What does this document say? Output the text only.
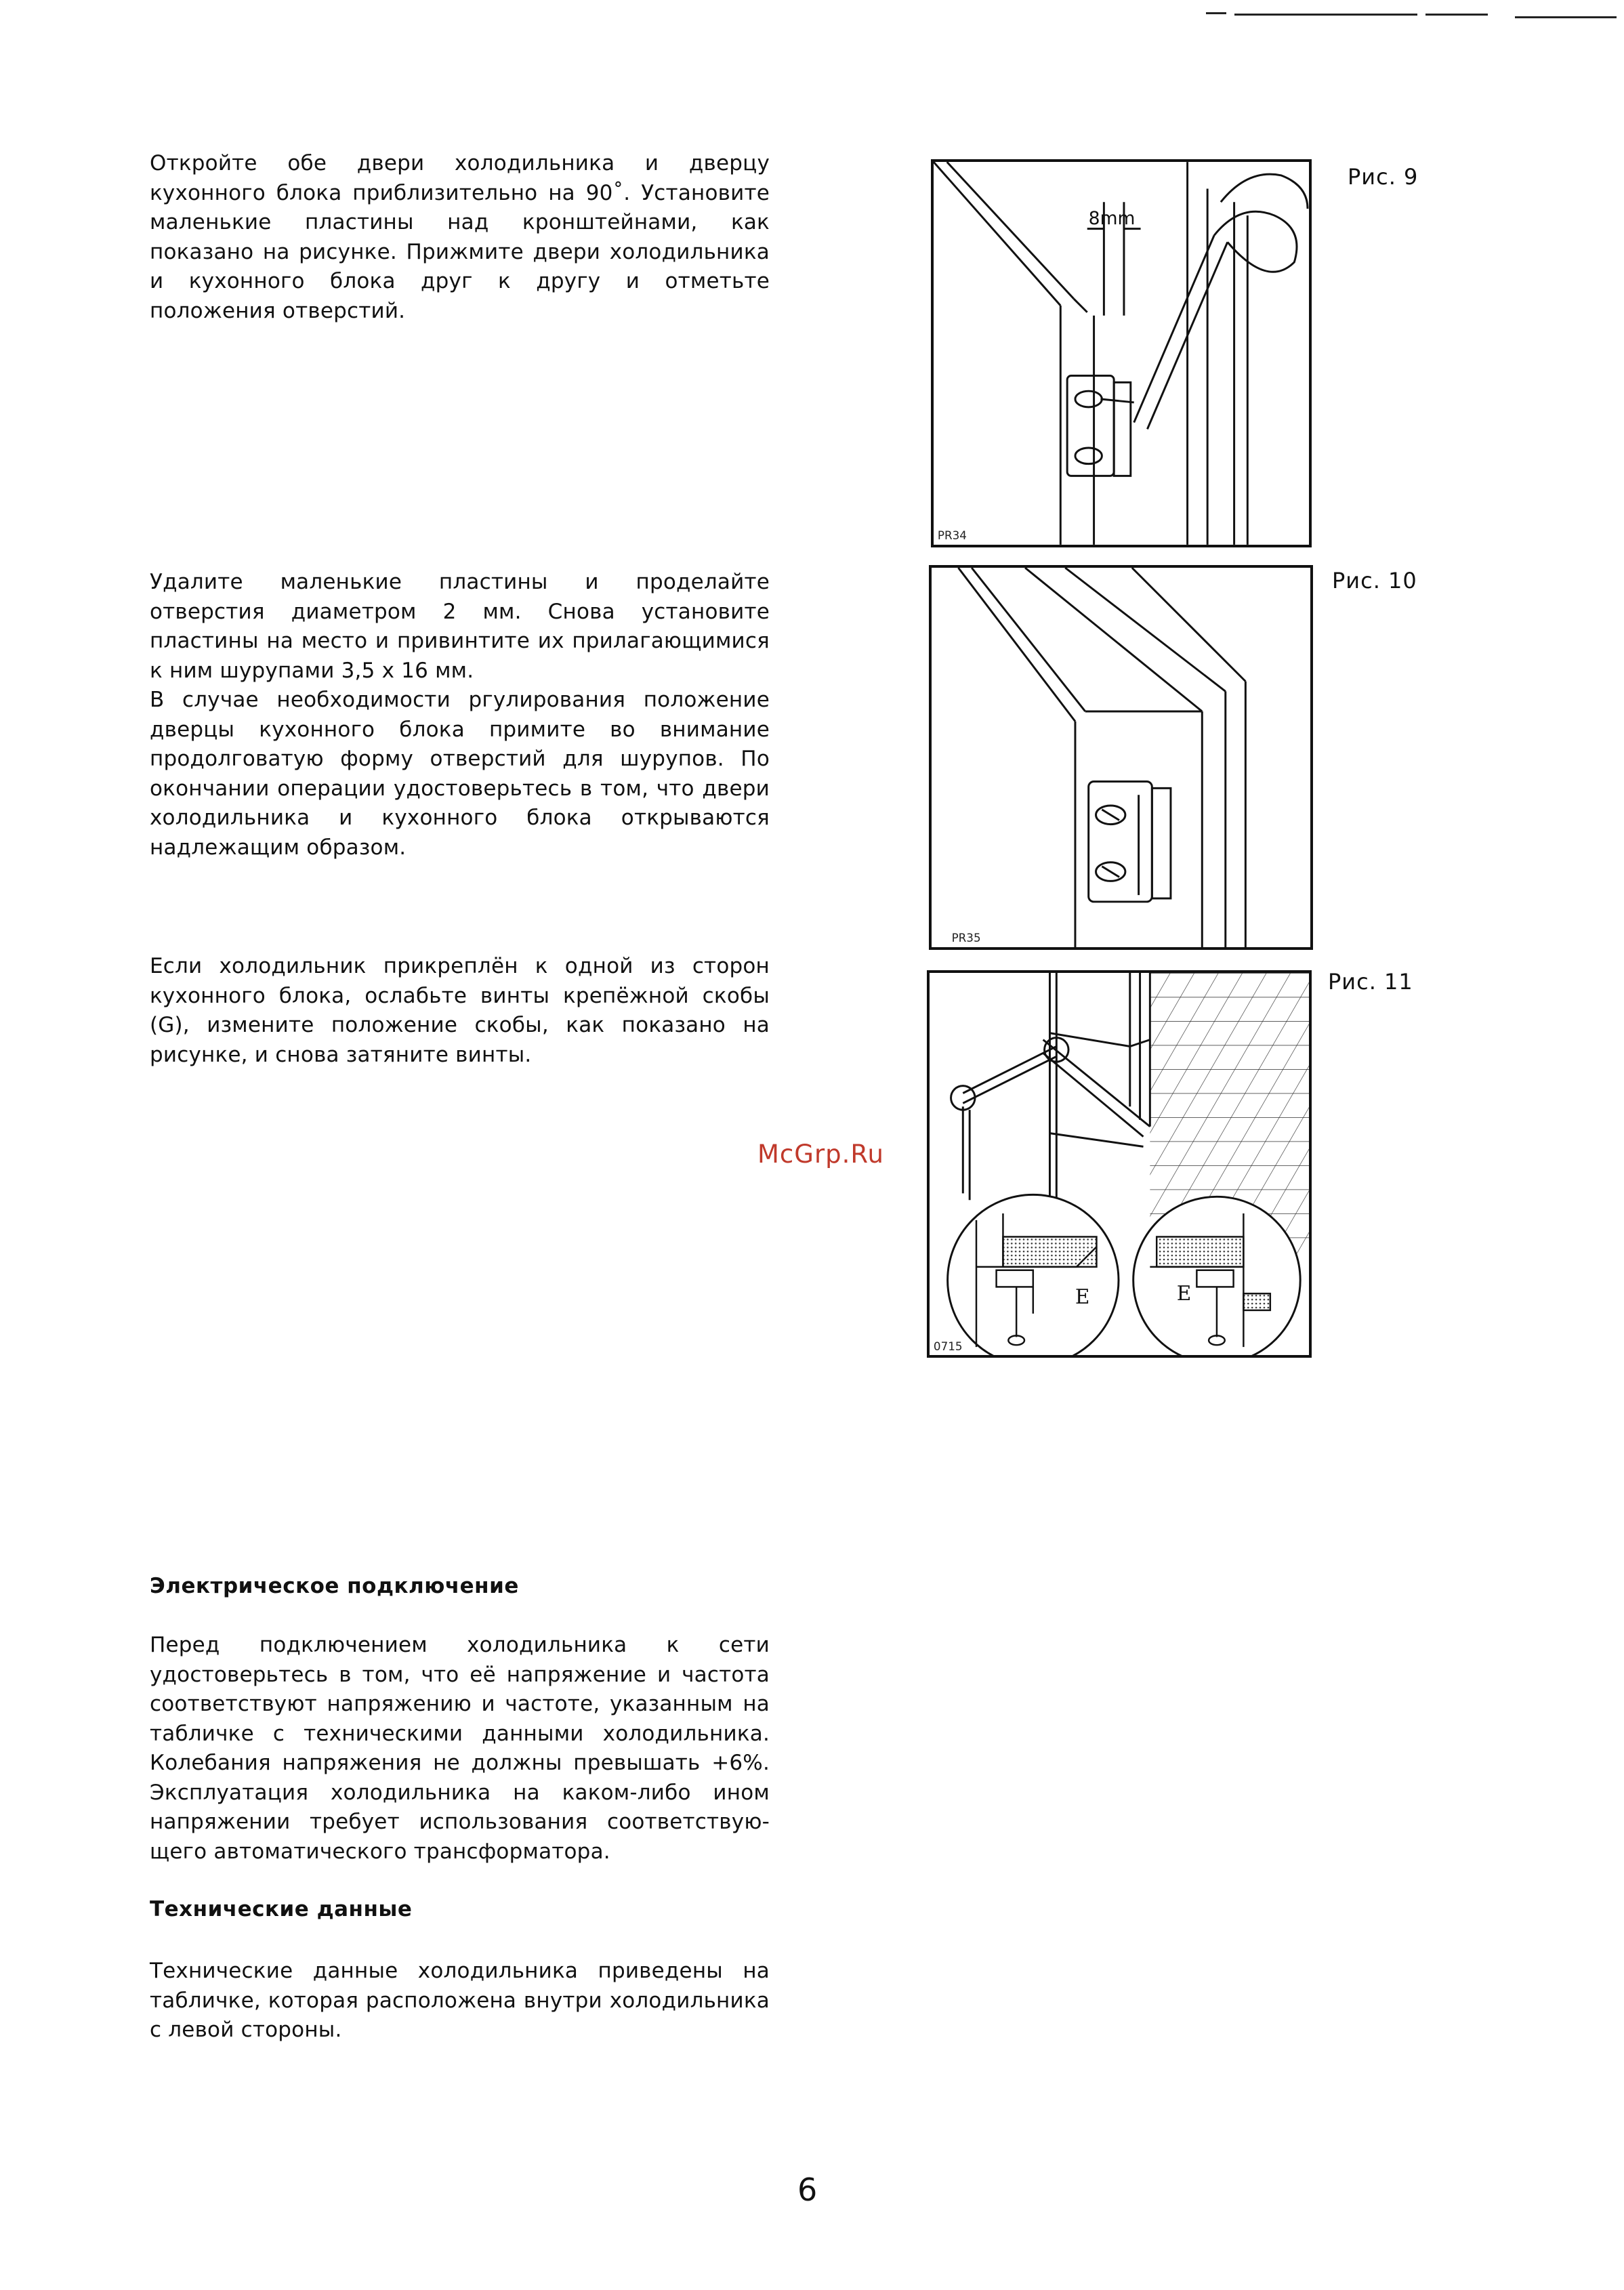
Откройте обе двери холодильника и дверцу кухонного блока приблизительно на 90˚. Установите маленькие пластины над кронштейнами, как показано на рисунке. Прижмите двери холодильника и кухонного блока друг к другу и отметьте положения отверстий.

Удалите маленькие пластины и проделайте отверстия диаметром 2 мм. Снова установите пластины на место и привинтите их прилагающимися к ним шурупами 3,5 х 16 мм.

В случае необходимости ргулирования положение дверцы кухонного блока примите во внимание продолговатую форму отверстий для шурупов. По окончании операции удостоверьтесь в том, что двери холодильника и кухонного блока открываются надлежащим образом.

Если холодильник прикреплён к одной из сторон кухонного блока, ослабьте винты крепёжной скобы (G), измените положение скобы, как показано на рисунке, и снова затяните винты.

Электрическое подключение

Перед подключением холодильника к сети удостоверьтесь в том, что её напряжение и частота соответствуют напряжению и частоте, указанным на табличке с техническими данными холодильника. Колебания напряжения не должны превышать +6%. Эксплуатация холодильника на каком-либо ином напряжении требует использования соответствую-щего автоматического трансформатора.

Технические данные

Технические данные холодильника приведены на табличке, которая расположена внутри холодильника с левой стороны.

8mm
PR34
Рис. 9
PR35
Рис. 10
E	E
0715
Рис. 11
McGrp.Ru
6
